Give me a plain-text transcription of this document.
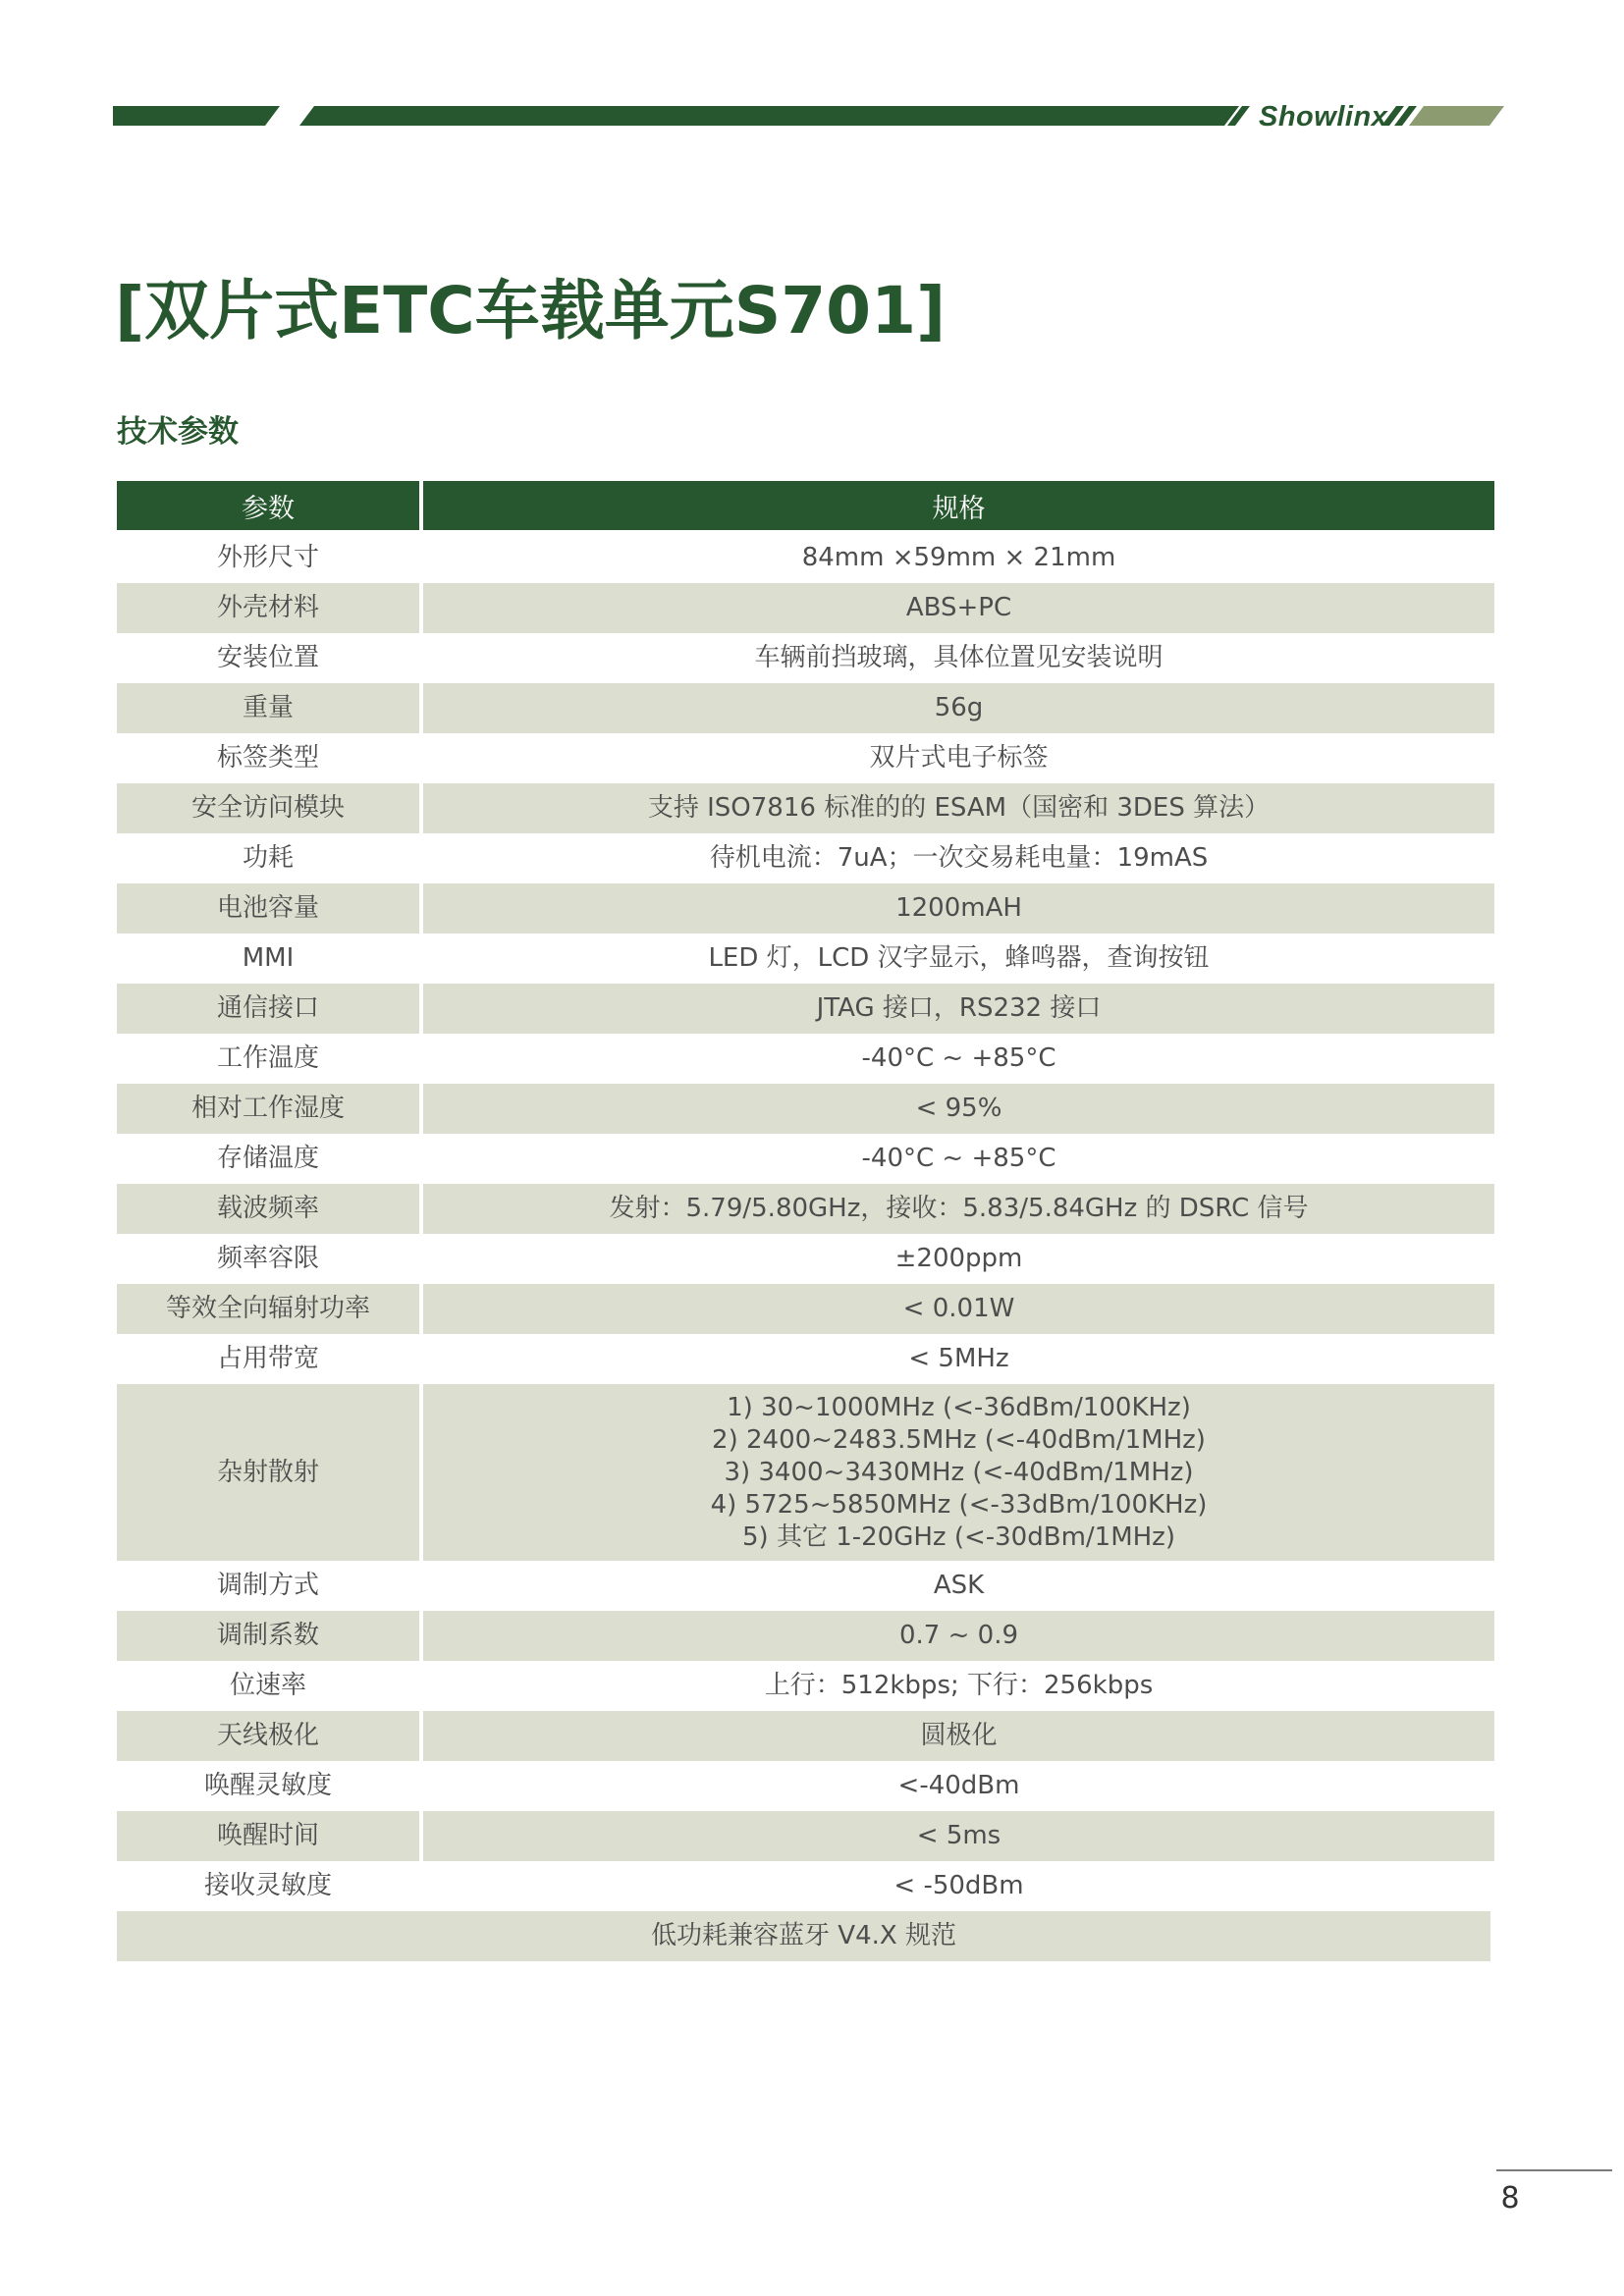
Showlinx
[双片式ETC车载单元S701]
技术参数
参数	规格
外形尺寸	84mm ×59mm × 21mm
外壳材料	ABS+PC
安装位置	车辆前挡玻璃，具体位置见安装说明
重量	56g
标签类型	双片式电子标签
安全访问模块	支持 ISO7816 标准的的 ESAM（国密和 3DES 算法）
功耗	待机电流：7uA；一次交易耗电量：19mAS
电池容量	1200mAH
MMI	LED 灯，LCD 汉字显示，蜂鸣器，查询按钮
通信接口	JTAG 接口，RS232 接口
工作温度	-40°C ~ +85°C
相对工作湿度	< 95%
存储温度	-40°C ~ +85°C
载波频率	发射：5.79/5.80GHz，接收：5.83/5.84GHz 的 DSRC 信号
频率容限	±200ppm
等效全向辐射功率	< 0.01W
占用带宽	< 5MHz
杂射散射	1) 30~1000MHz (<-36dBm/100KHz)
2) 2400~2483.5MHz (<-40dBm/1MHz)
3) 3400~3430MHz (<-40dBm/1MHz)
4) 5725~5850MHz (<-33dBm/100KHz)
5) 其它 1-20GHz (<-30dBm/1MHz)

调制方式	ASK
调制系数	0.7 ~ 0.9
位速率	上行：512kbps; 下行：256kbps
天线极化	圆极化
唤醒灵敏度	<-40dBm
唤醒时间	< 5ms
接收灵敏度	< -50dBm
低功耗兼容蓝牙 V4.X 规范	
8
